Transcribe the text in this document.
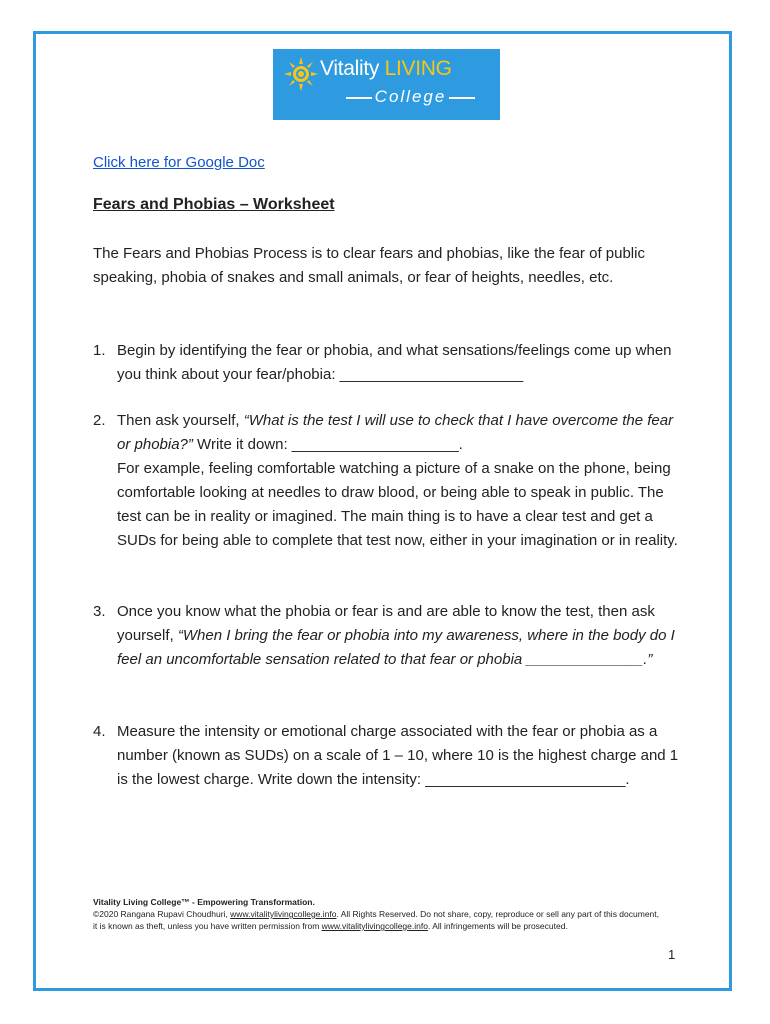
Vitality LIVING
College
Click here for Google Doc
Fears and Phobias – Worksheet
The Fears and Phobias Process is to clear fears and phobias, like the fear of public speaking, phobia of snakes and small animals, or fear of heights, needles, etc.
1. Begin by identifying the fear or phobia, and what sensations/feelings come up when you think about your fear/phobia: ______________________
2. Then ask yourself, “What is the test I will use to check that I have overcome the fear or phobia?” Write it down: ____________________.
For example, feeling comfortable watching a picture of a snake on the phone, being comfortable looking at needles to draw blood, or being able to speak in public. The test can be in reality or imagined. The main thing is to have a clear test and get a SUDs for being able to complete that test now, either in your imagination or in reality.
3. Once you know what the phobia or fear is and are able to know the test, then ask yourself, “When I bring the fear or phobia into my awareness, where in the body do I feel an uncomfortable sensation related to that fear or phobia ______________.”
4. Measure the intensity or emotional charge associated with the fear or phobia as a number (known as SUDs) on a scale of 1 – 10, where 10 is the highest charge and 1 is the lowest charge. Write down the intensity: ________________________.
Vitality Living College™ - Empowering Transformation.
©2020 Rangana Rupavi Choudhuri, www.vitalitylivingcollege.info. All Rights Reserved. Do not share, copy, reproduce or sell any part of this document, it is known as theft, unless you have written permission from www.vitalitylivingcollege.info. All infringements will be prosecuted.
1
